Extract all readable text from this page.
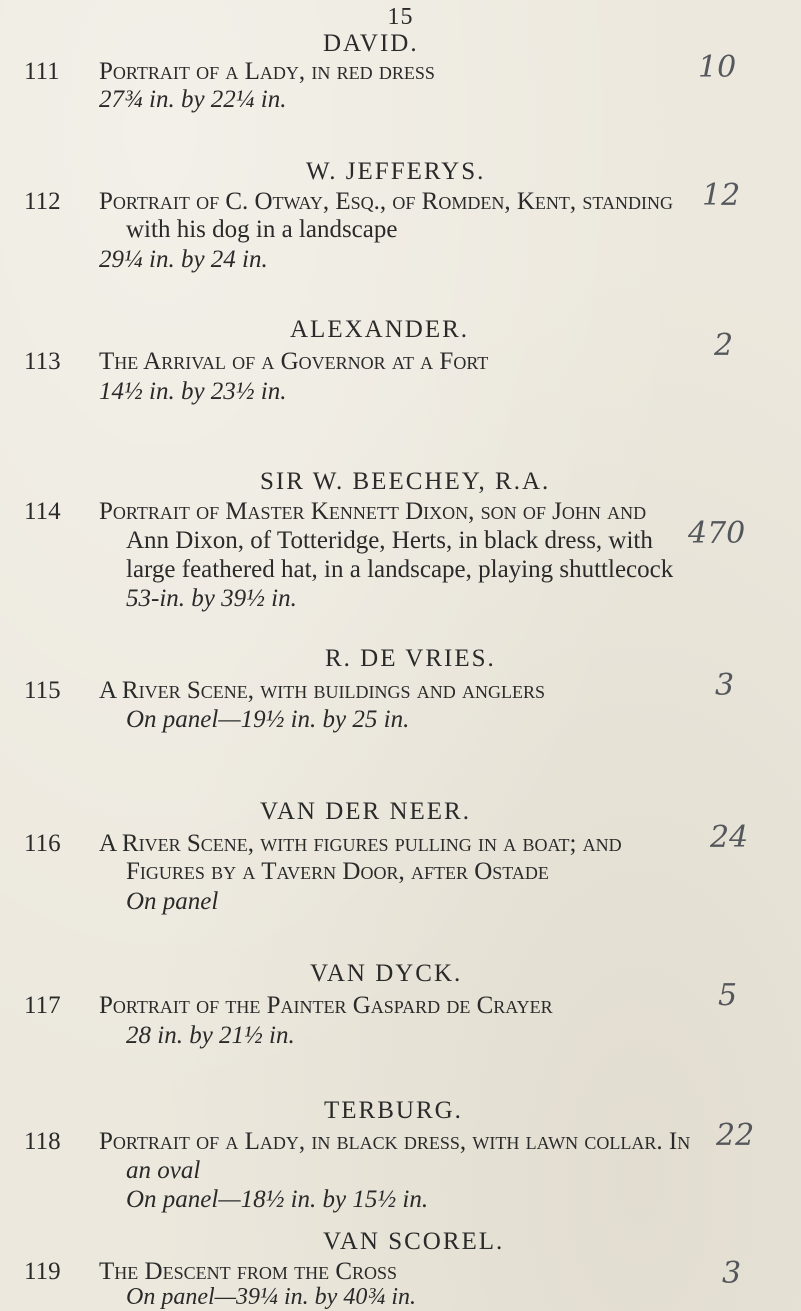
15
DAVID.
111 Portrait of a Lady, in red dress
27¾ in. by 22¼ in.
10
W. JEFFERYS.
112 Portrait of C. Otway, Esq., of Romden, Kent, standing
with his dog in a landscape
29¼ in. by 24 in.
12
ALEXANDER.
113 The Arrival of a Governor at a Fort
14½ in. by 23½ in.
2
SIR W. BEECHEY, R.A.
114 Portrait of Master Kennett Dixon, son of John and
Ann Dixon, of Totteridge, Herts, in black dress, with
large feathered hat, in a landscape, playing shuttlecock
53-in. by 39½ in.
470
R. DE VRIES.
115 A River Scene, with buildings and anglers
On panel—19½ in. by 25 in.
3
VAN DER NEER.
116 A River Scene, with figures pulling in a boat; and
Figures by a Tavern Door, after Ostade
On panel
24
VAN DYCK.
117 Portrait of the Painter Gaspard de Crayer
28 in. by 21½ in.
5
TERBURG.
118 Portrait of a Lady, in black dress, with lawn collar. In
an oval
On panel—18½ in. by 15½ in.
22
VAN SCOREL.
119 The Descent from the Cross
On panel—39¼ in. by 40¾ in.
3
